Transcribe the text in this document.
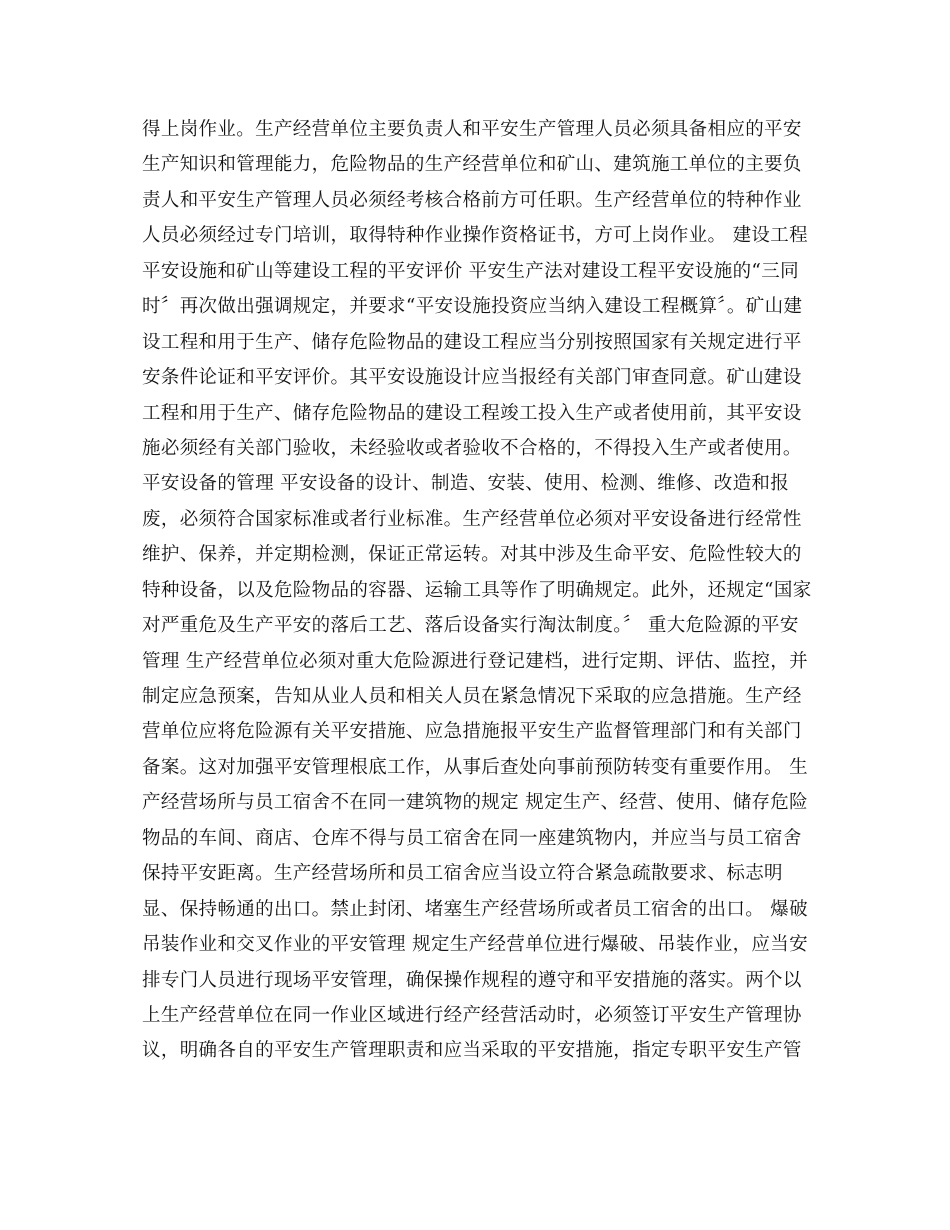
得上岗作业。生产经营单位主要负责人和平安生产管理人员必须具备相应的平安
生产知识和管理能力，危险物品的生产经营单位和矿山、建筑施工单位的主要负
责人和平安生产管理人员必须经考核合格前方可任职。生产经营单位的特种作业
人员必须经过专门培训，取得特种作业操作资格证书，方可上岗作业。 建设工程
平安设施和矿山等建设工程的平安评价 平安生产法对建设工程平安设施的“三同
时〞再次做出强调规定，并要求“平安设施投资应当纳入建设工程概算〞。矿山建
设工程和用于生产、储存危险物品的建设工程应当分别按照国家有关规定进行平
安条件论证和平安评价。其平安设施设计应当报经有关部门审查同意。矿山建设
工程和用于生产、储存危险物品的建设工程竣工投入生产或者使用前，其平安设
施必须经有关部门验收，未经验收或者验收不合格的，不得投入生产或者使用。
平安设备的管理 平安设备的设计、制造、安装、使用、检测、维修、改造和报
废，必须符合国家标准或者行业标准。生产经营单位必须对平安设备进行经常性
维护、保养，并定期检测，保证正常运转。对其中涉及生命平安、危险性较大的
特种设备，以及危险物品的容器、运输工具等作了明确规定。此外，还规定“国家
对严重危及生产平安的落后工艺、落后设备实行淘汰制度。〞 重大危险源的平安
管理 生产经营单位必须对重大危险源进行登记建档，进行定期、评估、监控，并
制定应急预案，告知从业人员和相关人员在紧急情况下采取的应急措施。生产经
营单位应将危险源有关平安措施、应急措施报平安生产监督管理部门和有关部门
备案。这对加强平安管理根底工作，从事后查处向事前预防转变有重要作用。 生
产经营场所与员工宿舍不在同一建筑物的规定 规定生产、经营、使用、储存危险
物品的车间、商店、仓库不得与员工宿舍在同一座建筑物内，并应当与员工宿舍
保持平安距离。生产经营场所和员工宿舍应当设立符合紧急疏散要求、标志明
显、保持畅通的出口。禁止封闭、堵塞生产经营场所或者员工宿舍的出口。 爆破
吊装作业和交叉作业的平安管理 规定生产经营单位进行爆破、吊装作业，应当安
排专门人员进行现场平安管理，确保操作规程的遵守和平安措施的落实。两个以
上生产经营单位在同一作业区域进行经产经营活动时，必须签订平安生产管理协
议，明确各自的平安生产管理职责和应当采取的平安措施，指定专职平安生产管
